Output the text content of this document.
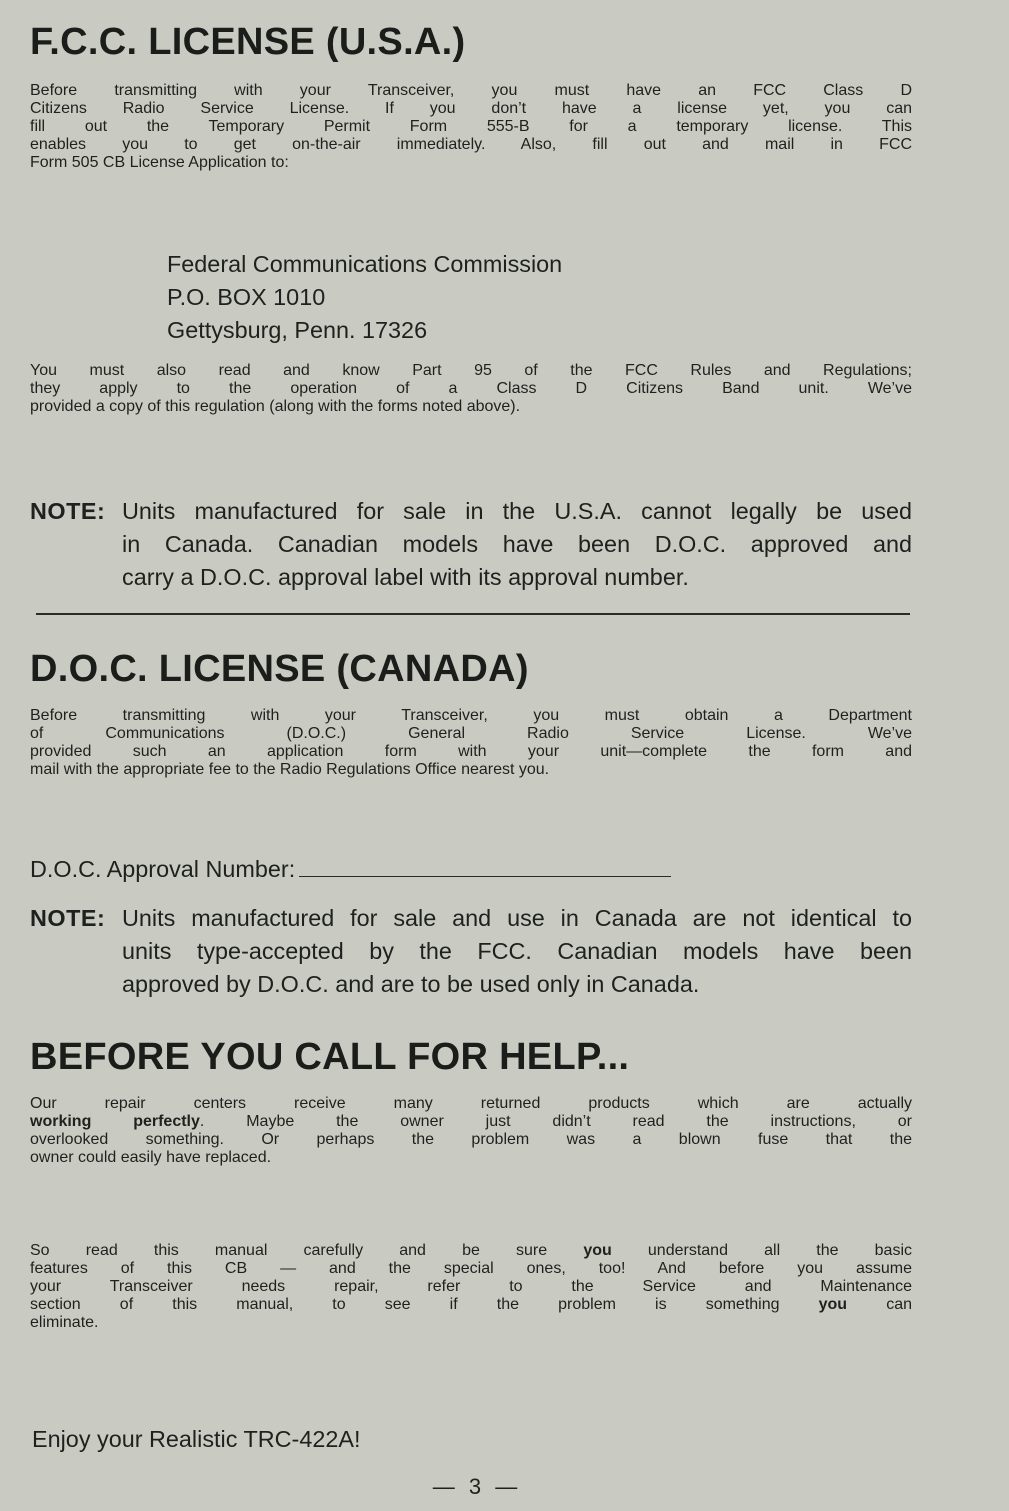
F.C.C. LICENSE (U.S.A.)
Before transmitting with your Transceiver, you must have an FCC Class D
Citizens Radio Service License. If you don’t have a license yet, you can
fill out the Temporary Permit Form 555-B for a temporary license. This
enables you to get on-the-air immediately. Also, fill out and mail in FCC
Form 505 CB License Application to:
Federal Communications Commission
P.O. BOX 1010
Gettysburg, Penn. 17326
You must also read and know Part 95 of the FCC Rules and Regulations;
they apply to the operation of a Class D Citizens Band unit. We’ve
provided a copy of this regulation (along with the forms noted above).
NOTE: Units manufactured for sale in the U.S.A. cannot legally be used
in Canada. Canadian models have been D.O.C. approved and
carry a D.O.C. approval label with its approval number.
D.O.C. LICENSE (CANADA)
Before transmitting with your Transceiver, you must obtain a Department
of Communications (D.O.C.) General Radio Service License. We’ve
provided such an application form with your unit—complete the form and
mail with the appropriate fee to the Radio Regulations Office nearest you.
D.O.C. Approval Number:
NOTE: Units manufactured for sale and use in Canada are not identical to
units type-accepted by the FCC. Canadian models have been
approved by D.O.C. and are to be used only in Canada.
BEFORE YOU CALL FOR HELP...
Our repair centers receive many returned products which are actually
working perfectly. Maybe the owner just didn’t read the instructions, or
overlooked something. Or perhaps the problem was a blown fuse that the
owner could easily have replaced.
So read this manual carefully and be sure you understand all the basic
features of this CB — and the special ones, too! And before you assume
your Transceiver needs repair, refer to the Service and Maintenance
section of this manual, to see if the problem is something you can
eliminate.

Enjoy your Realistic TRC-422A!

— 3 —
